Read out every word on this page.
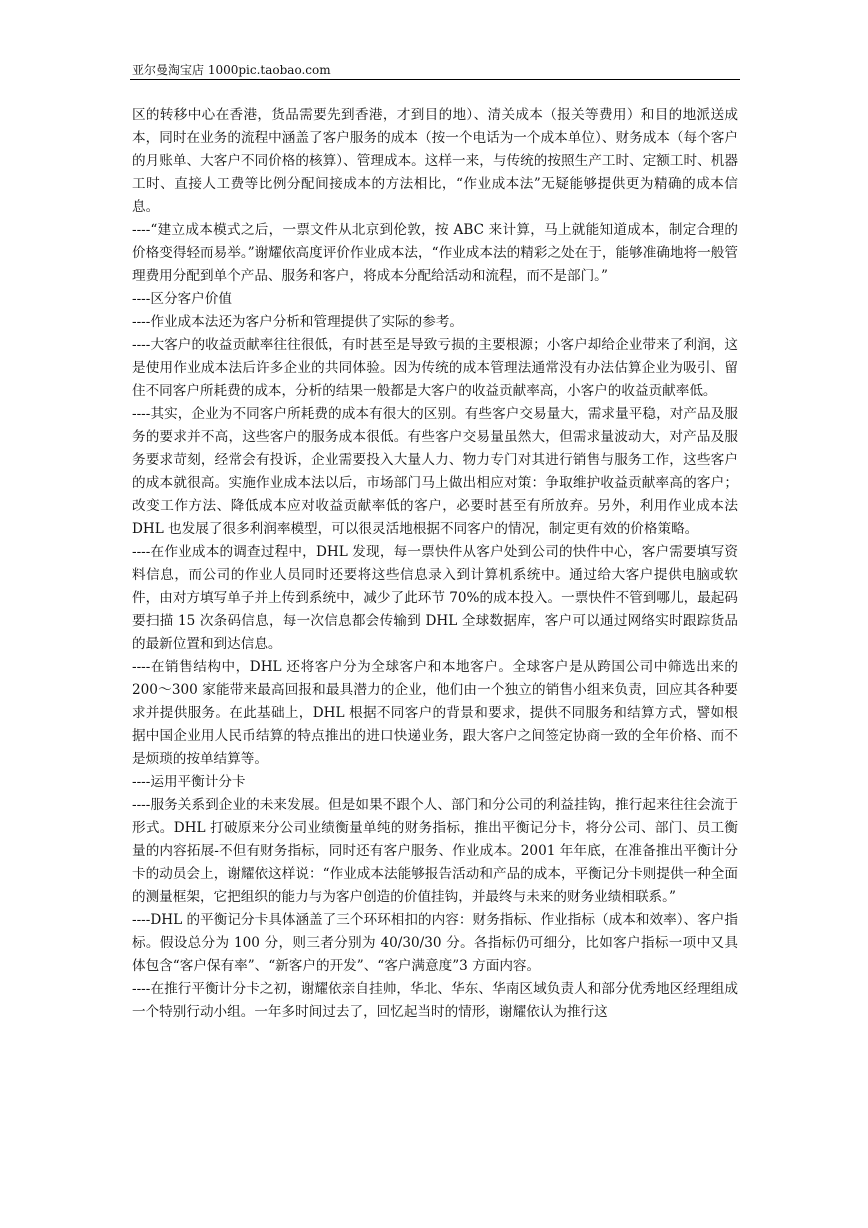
亚尔曼淘宝店 1000pic.taobao.com

区的转移中心在香港，货品需要先到香港，才到目的地）、清关成本（报关等费用）和目的地派送成本，同时在业务的流程中涵盖了客户服务的成本（按一个电话为一个成本单位）、财务成本（每个客户的月账单、大客户不同价格的核算）、管理成本。这样一来，与传统的按照生产工时、定额工时、机器工时、直接人工费等比例分配间接成本的方法相比，“作业成本法”无疑能够提供更为精确的成本信息。

----“建立成本模式之后，一票文件从北京到伦敦，按 ABC 来计算，马上就能知道成本，制定合理的价格变得轻而易举。”谢耀依高度评价作业成本法，“作业成本法的精彩之处在于，能够准确地将一般管理费用分配到单个产品、服务和客户，将成本分配给活动和流程，而不是部门。”

----区分客户价值

----作业成本法还为客户分析和管理提供了实际的参考。

----大客户的收益贡献率往往很低，有时甚至是导致亏损的主要根源；小客户却给企业带来了利润，这是使用作业成本法后许多企业的共同体验。因为传统的成本管理法通常没有办法估算企业为吸引、留住不同客户所耗费的成本，分析的结果一般都是大客户的收益贡献率高，小客户的收益贡献率低。

----其实，企业为不同客户所耗费的成本有很大的区别。有些客户交易量大，需求量平稳，对产品及服务的要求并不高，这些客户的服务成本很低。有些客户交易量虽然大，但需求量波动大，对产品及服务要求苛刻，经常会有投诉，企业需要投入大量人力、物力专门对其进行销售与服务工作，这些客户的成本就很高。实施作业成本法以后，市场部门马上做出相应对策：争取维护收益贡献率高的客户；改变工作方法、降低成本应对收益贡献率低的客户，必要时甚至有所放弃。另外，利用作业成本法 DHL 也发展了很多利润率模型，可以很灵活地根据不同客户的情况，制定更有效的价格策略。

----在作业成本的调查过程中，DHL 发现，每一票快件从客户处到公司的快件中心，客户需要填写资料信息，而公司的作业人员同时还要将这些信息录入到计算机系统中。通过给大客户提供电脑或软件，由对方填写单子并上传到系统中，减少了此环节 70%的成本投入。一票快件不管到哪儿，最起码要扫描 15 次条码信息，每一次信息都会传输到 DHL 全球数据库，客户可以通过网络实时跟踪货品的最新位置和到达信息。

----在销售结构中，DHL 还将客户分为全球客户和本地客户。全球客户是从跨国公司中筛选出来的 200～300 家能带来最高回报和最具潜力的企业，他们由一个独立的销售小组来负责，回应其各种要求并提供服务。在此基础上，DHL 根据不同客户的背景和要求，提供不同服务和结算方式，譬如根据中国企业用人民币结算的特点推出的进口快递业务，跟大客户之间签定协商一致的全年价格、而不是烦琐的按单结算等。

----运用平衡计分卡

----服务关系到企业的未来发展。但是如果不跟个人、部门和分公司的利益挂钩，推行起来往往会流于形式。DHL 打破原来分公司业绩衡量单纯的财务指标，推出平衡记分卡，将分公司、部门、员工衡量的内容拓展-不但有财务指标，同时还有客户服务、作业成本。2001 年年底，在准备推出平衡计分卡的动员会上，谢耀依这样说：“作业成本法能够报告活动和产品的成本，平衡记分卡则提供一种全面的测量框架，它把组织的能力与为客户创造的价值挂钩，并最终与未来的财务业绩相联系。”

----DHL 的平衡记分卡具体涵盖了三个环环相扣的内容：财务指标、作业指标（成本和效率）、客户指标。假设总分为 100 分，则三者分别为 40/30/30 分。各指标仍可细分，比如客户指标一项中又具体包含“客户保有率”、“新客户的开发”、“客户满意度”3 方面内容。

----在推行平衡计分卡之初，谢耀依亲自挂帅，华北、华东、华南区域负责人和部分优秀地区经理组成一个特别行动小组。一年多时间过去了，回忆起当时的情形，谢耀依认为推行这
